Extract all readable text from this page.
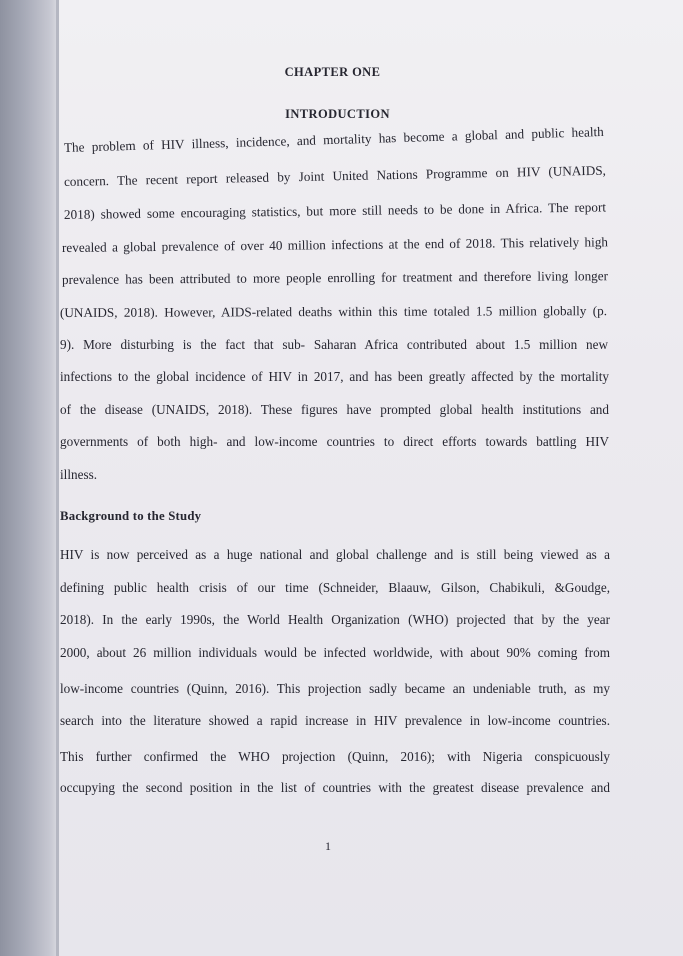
CHAPTER ONE
INTRODUCTION
The problem of HIV illness, incidence, and mortality has become a global and public health
concern. The recent report released by Joint United Nations Programme on HIV (UNAIDS,
2018) showed some encouraging statistics, but more still needs to be done in Africa. The report
revealed a global prevalence of over 40 million infections at the end of 2018. This relatively high
prevalence has been attributed to more people enrolling for treatment and therefore living longer
(UNAIDS, 2018). However, AIDS-related deaths within this time totaled 1.5 million globally (p.
9). More disturbing is the fact that sub- Saharan Africa contributed about 1.5 million new
infections to the global incidence of HIV in 2017, and has been greatly affected by the mortality
of the disease (UNAIDS, 2018). These figures have prompted global health institutions and
governments of both high- and low-income countries to direct efforts towards battling HIV
illness.
Background to the Study
HIV is now perceived as a huge national and global challenge and is still being viewed as a
defining public health crisis of our time (Schneider, Blaauw, Gilson, Chabikuli, &Goudge,
2018). In the early 1990s, the World Health Organization (WHO) projected that by the year
2000, about 26 million individuals would be infected worldwide, with about 90% coming from
low-income countries (Quinn, 2016). This projection sadly became an undeniable truth, as my
search into the literature showed a rapid increase in HIV prevalence in low-income countries.
This further confirmed the WHO projection (Quinn, 2016); with Nigeria conspicuously
occupying the second position in the list of countries with the greatest disease prevalence and
1
